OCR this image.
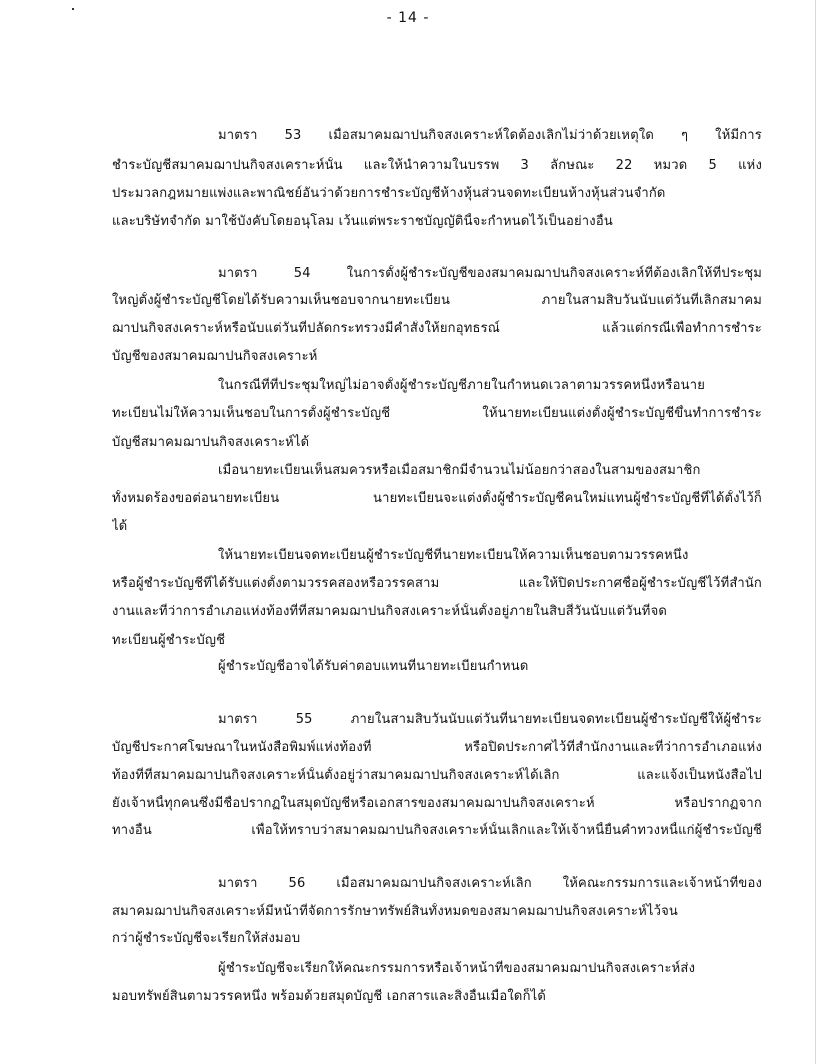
- 14 -
มาตรา 53 เมื่อสมาคมฌาปนกิจสงเคราะห์ใดต้องเลิกไม่ว่าด้วยเหตุใด ๆ ให้มีการ
ชำระบัญชีสมาคมฌาปนกิจสงเคราะห์นั้น และให้นำความในบรรพ 3 ลักษณะ 22 หมวด 5 แห่ง
ประมวลกฎหมายแพ่งและพาณิชย์อันว่าด้วยการชำระบัญชีห้างหุ้นส่วนจดทะเบียนห้างหุ้นส่วนจำกัด
และบริษัทจำกัด มาใช้บังคับโดยอนุโลม เว้นแต่พระราชบัญญัตินี้จะกำหนดไว้เป็นอย่างอื่น
มาตรา 54 ในการตั้งผู้ชำระบัญชีของสมาคมฌาปนกิจสงเคราะห์ที่ต้องเลิกให้ที่ประชุม
ใหญ่ตั้งผู้ชำระบัญชีโดยได้รับความเห็นชอบจากนายทะเบียน ภายในสามสิบวันนับแต่วันที่เลิกสมาคม
ฌาปนกิจสงเคราะห์หรือนับแต่วันที่ปลัดกระทรวงมีคำสั่งให้ยกอุทธรณ์ แล้วแต่กรณีเพื่อทำการชำระ
บัญชีของสมาคมฌาปนกิจสงเคราะห์
ในกรณีที่ที่ประชุมใหญ่ไม่อาจตั้งผู้ชำระบัญชีภายในกำหนดเวลาตามวรรคหนึ่งหรือนาย
ทะเบียนไม่ให้ความเห็นชอบในการตั้งผู้ชำระบัญชี ให้นายทะเบียนแต่งตั้งผู้ชำระบัญชีขึ้นทำการชำระ
บัญชีสมาคมฌาปนกิจสงเคราะห์ได้
เมื่อนายทะเบียนเห็นสมควรหรือเมื่อสมาชิกมีจำนวนไม่น้อยกว่าสองในสามของสมาชิก
ทั้งหมดร้องขอต่อนายทะเบียน นายทะเบียนจะแต่งตั้งผู้ชำระบัญชีคนใหม่แทนผู้ชำระบัญชีที่ได้ตั้งไว้ก็
ได้
ให้นายทะเบียนจดทะเบียนผู้ชำระบัญชีที่นายทะเบียนให้ความเห็นชอบตามวรรคหนึ่ง
หรือผู้ชำระบัญชีที่ได้รับแต่งตั้งตามวรรคสองหรือวรรคสาม และให้ปิดประกาศชื่อผู้ชำระบัญชีไว้ที่สำนัก
งานและที่ว่าการอำเภอแห่งท้องที่ที่สมาคมฌาปนกิจสงเคราะห์นั้นตั้งอยู่ภายในสิบสี่วันนับแต่วันที่จด
ทะเบียนผู้ชำระบัญชี
ผู้ชำระบัญชีอาจได้รับค่าตอบแทนที่นายทะเบียนกำหนด
มาตรา 55 ภายในสามสิบวันนับแต่วันที่นายทะเบียนจดทะเบียนผู้ชำระบัญชีให้ผู้ชำระ
บัญชีประกาศโฆษณาในหนังสือพิมพ์แห่งท้องที่ หรือปิดประกาศไว้ที่สำนักงานและที่ว่าการอำเภอแห่ง
ท้องที่ที่สมาคมฌาปนกิจสงเคราะห์นั้นตั้งอยู่ว่าสมาคมฌาปนกิจสงเคราะห์ได้เลิก และแจ้งเป็นหนังสือไป
ยังเจ้าหนี้ทุกคนซึ่งมีชื่อปรากฏในสมุดบัญชีหรือเอกสารของสมาคมฌาปนกิจสงเคราะห์ หรือปรากฏจาก
ทางอื่น เพื่อให้ทราบว่าสมาคมฌาปนกิจสงเคราะห์นั้นเลิกและให้เจ้าหนี้ยื่นคำทวงหนี้แก่ผู้ชำระบัญชี
มาตรา 56 เมื่อสมาคมฌาปนกิจสงเคราะห์เลิก ให้คณะกรรมการและเจ้าหน้าที่ของ
สมาคมฌาปนกิจสงเคราะห์มีหน้าที่จัดการรักษาทรัพย์สินทั้งหมดของสมาคมฌาปนกิจสงเคราะห์ไว้จน
กว่าผู้ชำระบัญชีจะเรียกให้ส่งมอบ
ผู้ชำระบัญชีจะเรียกให้คณะกรรมการหรือเจ้าหน้าที่ของสมาคมฌาปนกิจสงเคราะห์ส่ง
มอบทรัพย์สินตามวรรคหนึ่ง พร้อมด้วยสมุดบัญชี เอกสารและสิ่งอื่นเมื่อใดก็ได้
